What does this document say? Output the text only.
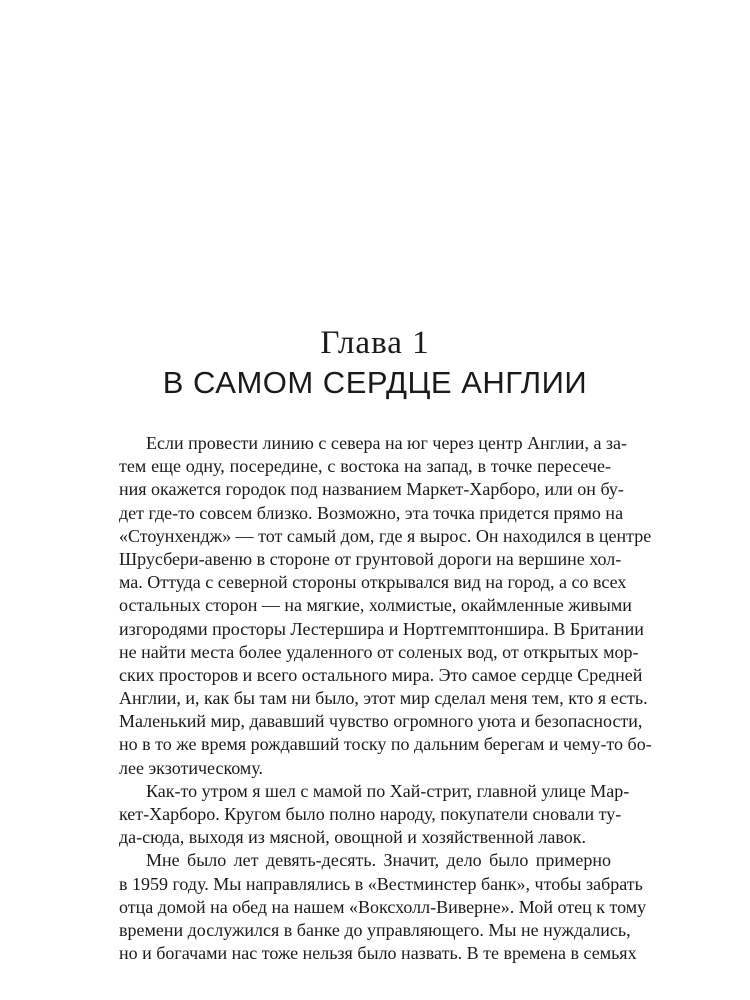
Глава 1
В САМОМ СЕРДЦЕ АНГЛИИ
Если провести линию с севера на юг через центр Англии, а за-
тем еще одну, посередине, с востока на запад, в точке пересече-
ния окажется городок под названием Маркет-Харборо, или он бу-
дет где-то совсем близко. Возможно, эта точка придется прямо на
«Стоунхендж» — тот самый дом, где я вырос. Он находился в центре
Шрусбери-авеню в стороне от грунтовой дороги на вершине хол-
ма. Оттуда с северной стороны открывался вид на город, а со всех
остальных сторон — на мягкие, холмистые, окаймленные живыми
изгородями просторы Лестершира и Нортгемптоншира. В Британии
не найти места более удаленного от соленых вод, от открытых мор-
ских просторов и всего остального мира. Это самое сердце Средней
Англии, и, как бы там ни было, этот мир сделал меня тем, кто я есть.
Маленький мир, дававший чувство огромного уюта и безопасности,
но в то же время рождавший тоску по дальним берегам и чему-то бо-
лее экзотическому.
Как-то утром я шел с мамой по Хай-стрит, главной улице Мар-
кет-Харборо. Кругом было полно народу, покупатели сновали ту-
да-сюда, выходя из мясной, овощной и хозяйственной лавок.
Мне было лет девять-десять. Значит, дело было примерно
в 1959 году. Мы направлялись в «Вестминстер банк», чтобы забрать
отца домой на обед на нашем «Воксхолл-Виверне». Мой отец к тому
времени дослужился в банке до управляющего. Мы не нуждались,
но и богачами нас тоже нельзя было назвать. В те времена в семьях
